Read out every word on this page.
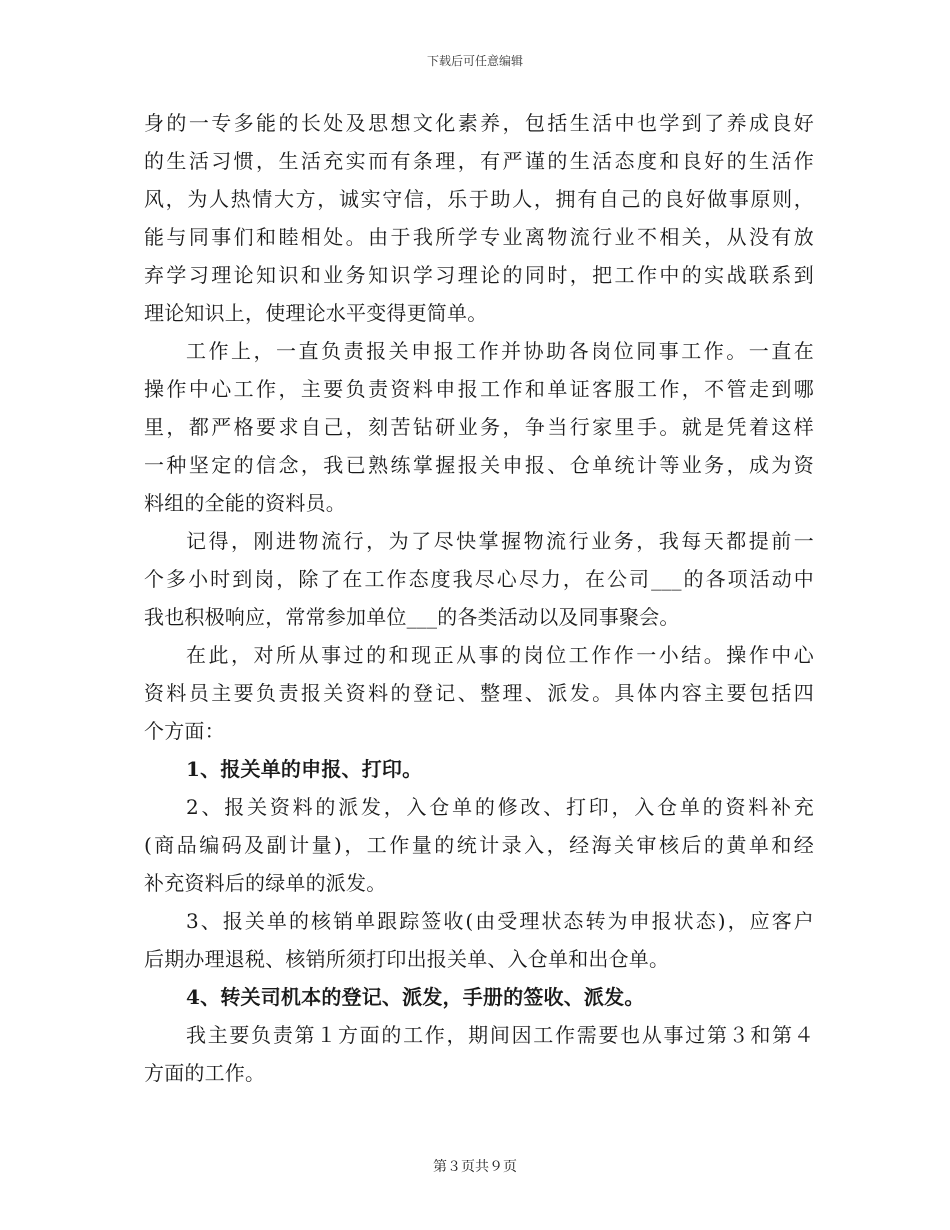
下载后可任意编辑
身的一专多能的长处及思想文化素养，包括生活中也学到了养成良好
的生活习惯，生活充实而有条理，有严谨的生活态度和良好的生活作
风，为人热情大方，诚实守信，乐于助人，拥有自己的良好做事原则，
能与同事们和睦相处。由于我所学专业离物流行业不相关，从没有放
弃学习理论知识和业务知识学习理论的同时，把工作中的实战联系到
理论知识上，使理论水平变得更简单。
工作上，一直负责报关申报工作并协助各岗位同事工作。一直在
操作中心工作，主要负责资料申报工作和单证客服工作，不管走到哪
里，都严格要求自己，刻苦钻研业务，争当行家里手。就是凭着这样
一种坚定的信念，我已熟练掌握报关申报、仓单统计等业务，成为资
料组的全能的资料员。
记得，刚进物流行，为了尽快掌握物流行业务，我每天都提前一
个多小时到岗，除了在工作态度我尽心尽力，在公司___的各项活动中
我也积极响应，常常参加单位___的各类活动以及同事聚会。
在此，对所从事过的和现正从事的岗位工作作一小结。操作中心
资料员主要负责报关资料的登记、整理、派发。具体内容主要包括四
个方面：
1、报关单的申报、打印。
2、报关资料的派发，入仓单的修改、打印，入仓单的资料补充
(商品编码及副计量)，工作量的统计录入，经海关审核后的黄单和经
补充资料后的绿单的派发。
3、报关单的核销单跟踪签收(由受理状态转为申报状态)，应客户
后期办理退税、核销所须打印出报关单、入仓单和出仓单。
4、转关司机本的登记、派发，手册的签收、派发。
我主要负责第１方面的工作，期间因工作需要也从事过第３和第４
方面的工作。
第３页共９页
